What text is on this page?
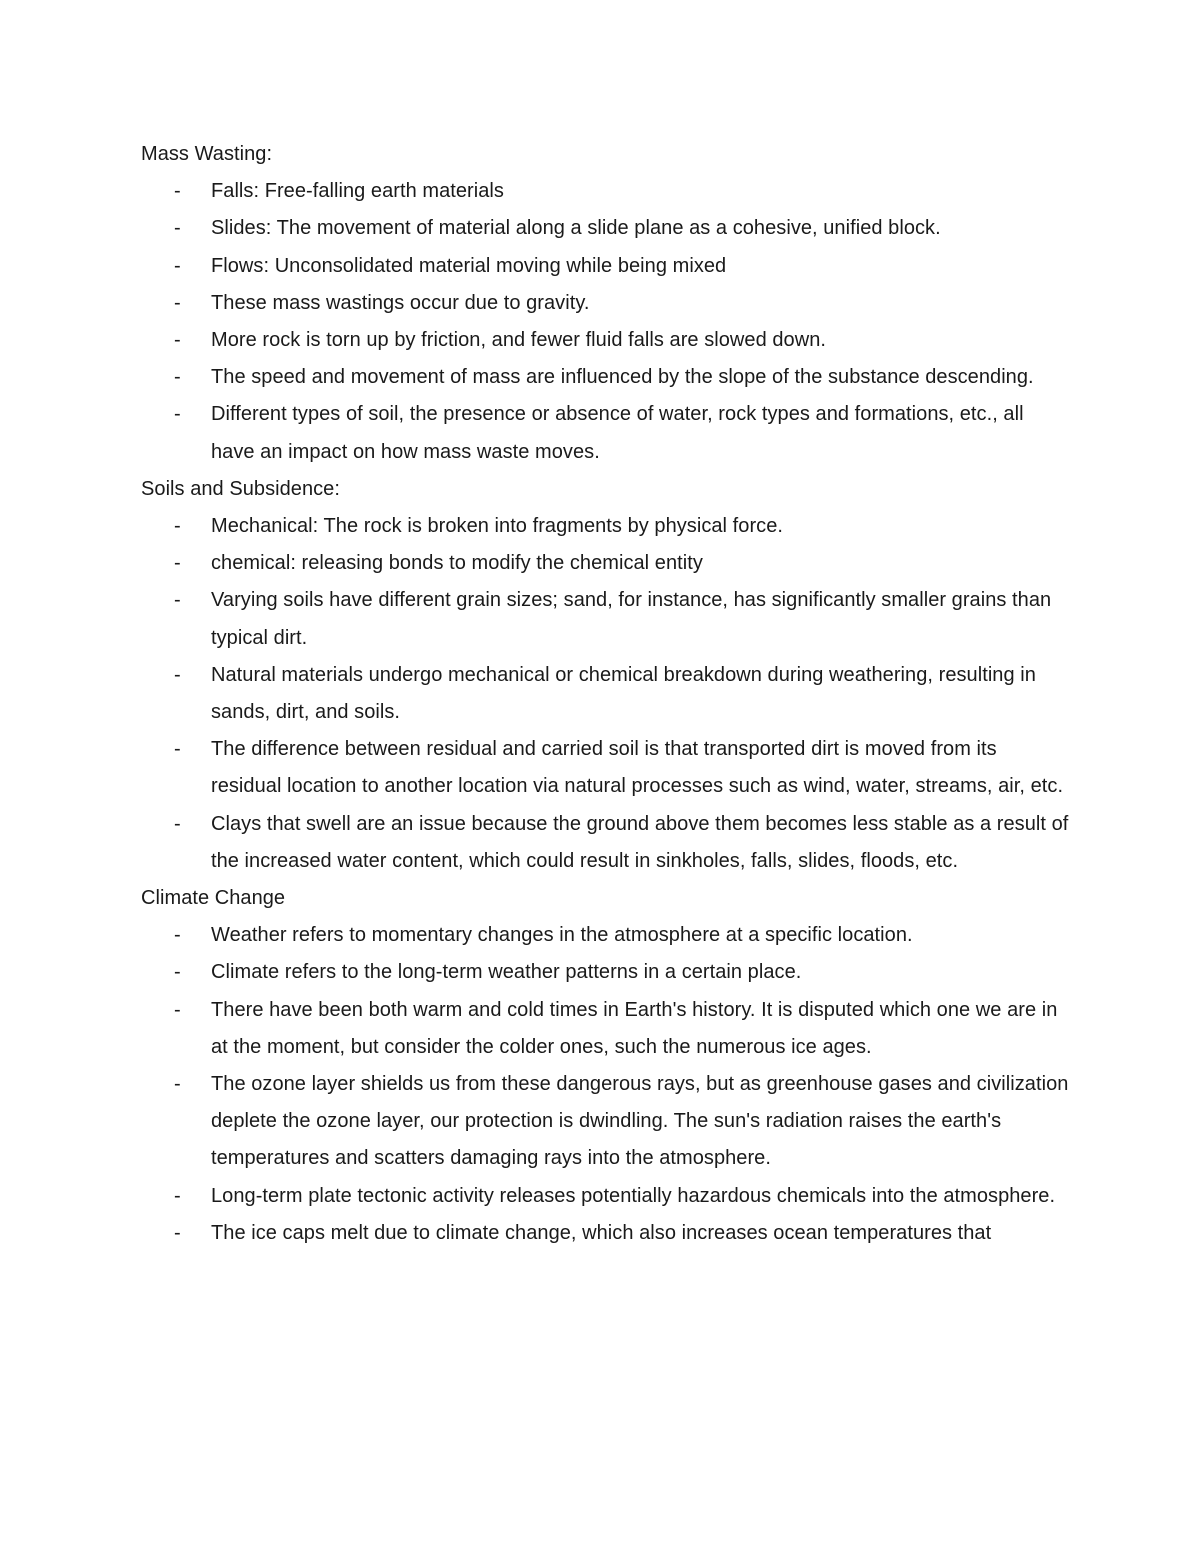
Mass Wasting:

- Falls: Free-falling earth materials
- Slides: The movement of material along a slide plane as a cohesive, unified block.
- Flows: Unconsolidated material moving while being mixed
- These mass wastings occur due to gravity.
- More rock is torn up by friction, and fewer fluid falls are slowed down.
- The speed and movement of mass are influenced by the slope of the substance descending.
- Different types of soil, the presence or absence of water, rock types and formations, etc., all have an impact on how mass waste moves.

Soils and Subsidence:

- Mechanical: The rock is broken into fragments by physical force.
- chemical: releasing bonds to modify the chemical entity
- Varying soils have different grain sizes; sand, for instance, has significantly smaller grains than typical dirt.
- Natural materials undergo mechanical or chemical breakdown during weathering, resulting in sands, dirt, and soils.
- The difference between residual and carried soil is that transported dirt is moved from its residual location to another location via natural processes such as wind, water, streams, air, etc.
- Clays that swell are an issue because the ground above them becomes less stable as a result of the increased water content, which could result in sinkholes, falls, slides, floods, etc.

Climate Change

- Weather refers to momentary changes in the atmosphere at a specific location.
- Climate refers to the long-term weather patterns in a certain place.
- There have been both warm and cold times in Earth's history. It is disputed which one we are in at the moment, but consider the colder ones, such the numerous ice ages.
- The ozone layer shields us from these dangerous rays, but as greenhouse gases and civilization deplete the ozone layer, our protection is dwindling. The sun's radiation raises the earth's temperatures and scatters damaging rays into the atmosphere.
- Long-term plate tectonic activity releases potentially hazardous chemicals into the atmosphere.
- The ice caps melt due to climate change, which also increases ocean temperatures that
